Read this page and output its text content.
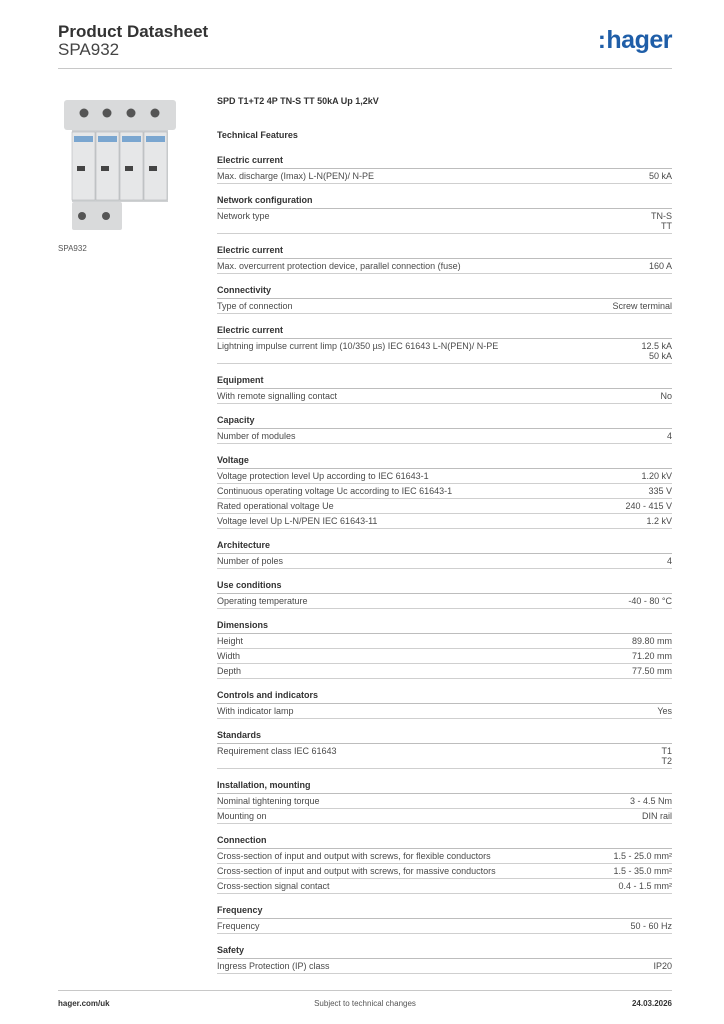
Product Datasheet
SPA932	:hager
SPA932
SPD T1+T2 4P TN-S TT 50kA Up 1,2kV
Technical Features
Electric current
Max. discharge (Imax) L-N(PEN)/ N-PE	50 kA
Network configuration
Network type	TN-S
TT
Electric current
Max. overcurrent protection device, parallel connection (fuse)	160 A
Connectivity
Type of connection	Screw terminal
Electric current
Lightning impulse current Iimp (10/350 µs) IEC 61643 L-N(PEN)/ N-PE	12.5 kA
50 kA
Equipment
With remote signalling contact	No
Capacity
Number of modules	4
Voltage
Voltage protection level Up according to IEC 61643-1	1.20 kV
Continuous operating voltage Uc according to IEC 61643-1	335 V
Rated operational voltage Ue	240 - 415 V
Voltage level Up L-N/PEN IEC 61643-11	1.2 kV
Architecture
Number of poles	4
Use conditions
Operating temperature	-40 - 80 °C
Dimensions
Height	89.80 mm
Width	71.20 mm
Depth	77.50 mm
Controls and indicators
With indicator lamp	Yes
Standards
Requirement class IEC 61643	T1
T2
Installation, mounting
Nominal tightening torque	3 - 4.5 Nm
Mounting on	DIN rail
Connection
Cross-section of input and output with screws, for flexible conductors	1.5 - 25.0 mm²
Cross-section of input and output with screws, for massive conductors	1.5 - 35.0 mm²
Cross-section signal contact	0.4 - 1.5 mm²
Frequency
Frequency	50 - 60 Hz
Safety
Ingress Protection (IP) class	IP20
hager.com/uk	Subject to technical changes	24.03.2026
